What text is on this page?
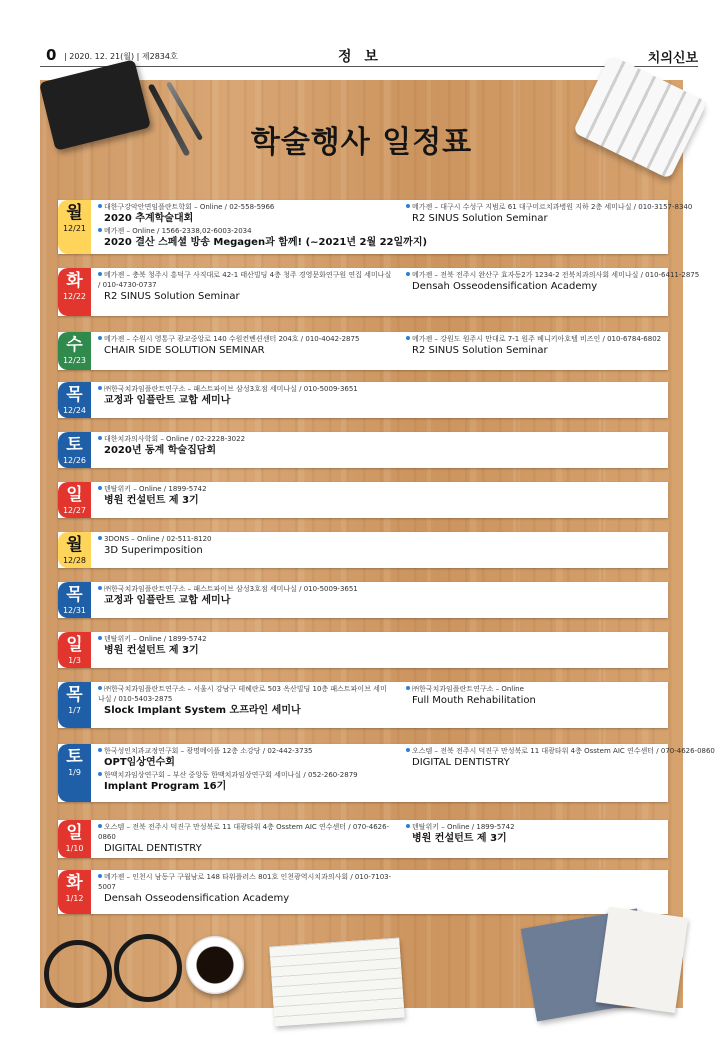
0 | 2020. 12. 21(월) | 제2834호	정 보	치의신보
학술행사 일정표
월
12/21
대한구강악안면임플란트학회 – Online / 02-558-5966
2020 추계학술대회
메가젠 – Online / 1566-2338,02-6003-2034
2020 결산 스페셜 방송 Megagen과 함께! (~2021년 2월 22일까지)
메가젠 – 대구시 수성구 지범로 61 대구미르치과병원 지하 2층 세미나실 / 010-3157-8340
R2 SINUS Solution Seminar
화
12/22
메가젠 – 충북 청주시 흥덕구 사직대로 42-1 태산빌딩 4층 청주 경영문화연구원 연집 세미나실 / 010-4730-0737
R2 SINUS Solution Seminar
메가젠 – 전북 전주시 완산구 효자동2가 1234-2 전북치과의사회 세미나실 / 010-6411-2875
Densah Osseodensification Academy
수
12/23
메가젠 – 수원시 영통구 광교중앙로 140 수원컨벤션센터 204호 / 010-4042-2875
CHAIR SIDE SOLUTION SEMINAR
메가젠 – 강원도 원주시 만대로 7-1 원주 베니키아호텔 비즈인 / 010-6784-6802
R2 SINUS Solution Seminar
목
12/24
㈜한국치과임플란트연구소 – 패스트파이브 삼성3호점 세미나실 / 010-5009-3651
교정과 임플란트 교합 세미나
토
12/26
대한치과의사학회 – Online / 02-2228-3022
2020년 동계 학술집담회
일
12/27
덴탈위키 – Online / 1899-5742
병원 컨설턴트 제 3기
월
12/28
3DONS – Online / 02-511-8120
3D Superimposition
목
12/31
㈜한국치과임플란트연구소 – 패스트파이브 삼성3호점 세미나실 / 010-5009-3651
교정과 임플란트 교합 세미나
일
1/3
덴탈위키 – Online / 1899-5742
병원 컨설턴트 제 3기
목
1/7
㈜한국치과임플란트연구소 – 서울시 강남구 테헤란로 503 옥산빌딩 10층 패스트파이브 세미나실 / 010-5403-2875
Slock Implant System 오프라인 세미나
㈜한국치과임플란트연구소 – Online
Full Mouth Rehabilitation
토
1/9
한국성인치과교정연구회 – 광명메이플 12층 소강당 / 02-442-3735
OPT임상연수회
한맥치과임상연구회 – 부산 중앙동 한맥치과임상연구회 세미나실 / 052-260-2879
Implant Program 16기
오스템 – 전북 전주시 덕진구 만성북로 11 대광타워 4층 Osstem AIC 연수센터 / 070-4626-0860
DIGITAL DENTISTRY
일
1/10
오스템 – 전북 전주시 덕진구 만성북로 11 대광타워 4층 Osstem AIC 연수센터 / 070-4626-0860
DIGITAL DENTISTRY
덴탈위키 – Online / 1899-5742
병원 컨설턴트 제 3기
화
1/12
메가젠 – 인천시 남동구 구월남로 148 타워플러스 801호 인천광역시치과의사회 / 010-7103-5007
Densah Osseodensification Academy
